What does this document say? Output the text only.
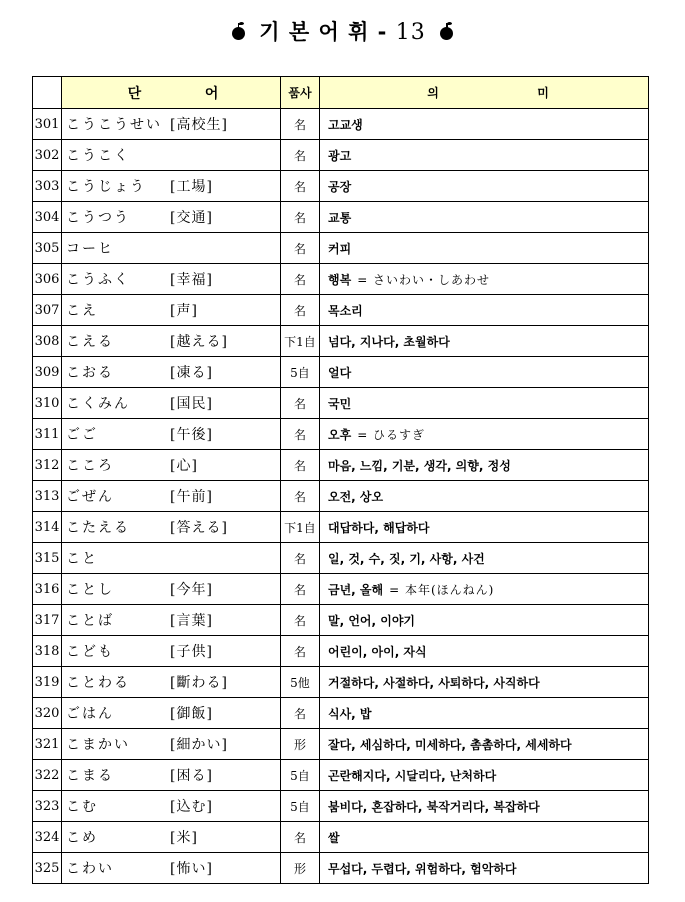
기 본 어 휘 - 13
	단 어	품사	의 미
301	こうこうせい [高校生]	名	고교생
302	こうこく	名	광고
303	こうじょう [工場]	名	공장
304	こうつう [交通]	名	교통
305	コーヒ	名	커피
306	こうふく [幸福]	名	행복 = さいわい・しあわせ
307	こえ [声]	名	목소리
308	こえる [越える]	下1自	넘다, 지나다, 초월하다
309	こおる [凍る]	5自	얼다
310	こくみん [国民]	名	국민
311	ごご [午後]	名	오후 = ひるすぎ
312	こころ [心]	名	마음, 느낌, 기분, 생각, 의향, 정성
313	ごぜん [午前]	名	오전, 상오
314	こたえる [答える]	下1自	대답하다, 해답하다
315	こと	名	일, 것, 수, 짓, 기, 사항, 사건
316	ことし [今年]	名	금년, 올해 = 本年(ほんねん)
317	ことば [言葉]	名	말, 언어, 이야기
318	こども [子供]	名	어린이, 아이, 자식
319	ことわる [斷わる]	5他	거절하다, 사절하다, 사퇴하다, 사직하다
320	ごはん [御飯]	名	식사, 밥
321	こまかい [細かい]	形	잘다, 세심하다, 미세하다, 촘촘하다, 세세하다
322	こまる [困る]	5自	곤란해지다, 시달리다, 난처하다
323	こむ [込む]	5自	붐비다, 혼잡하다, 북작거리다, 복잡하다
324	こめ [米]	名	쌀
325	こわい [怖い]	形	무섭다, 두렵다, 위험하다, 험악하다
